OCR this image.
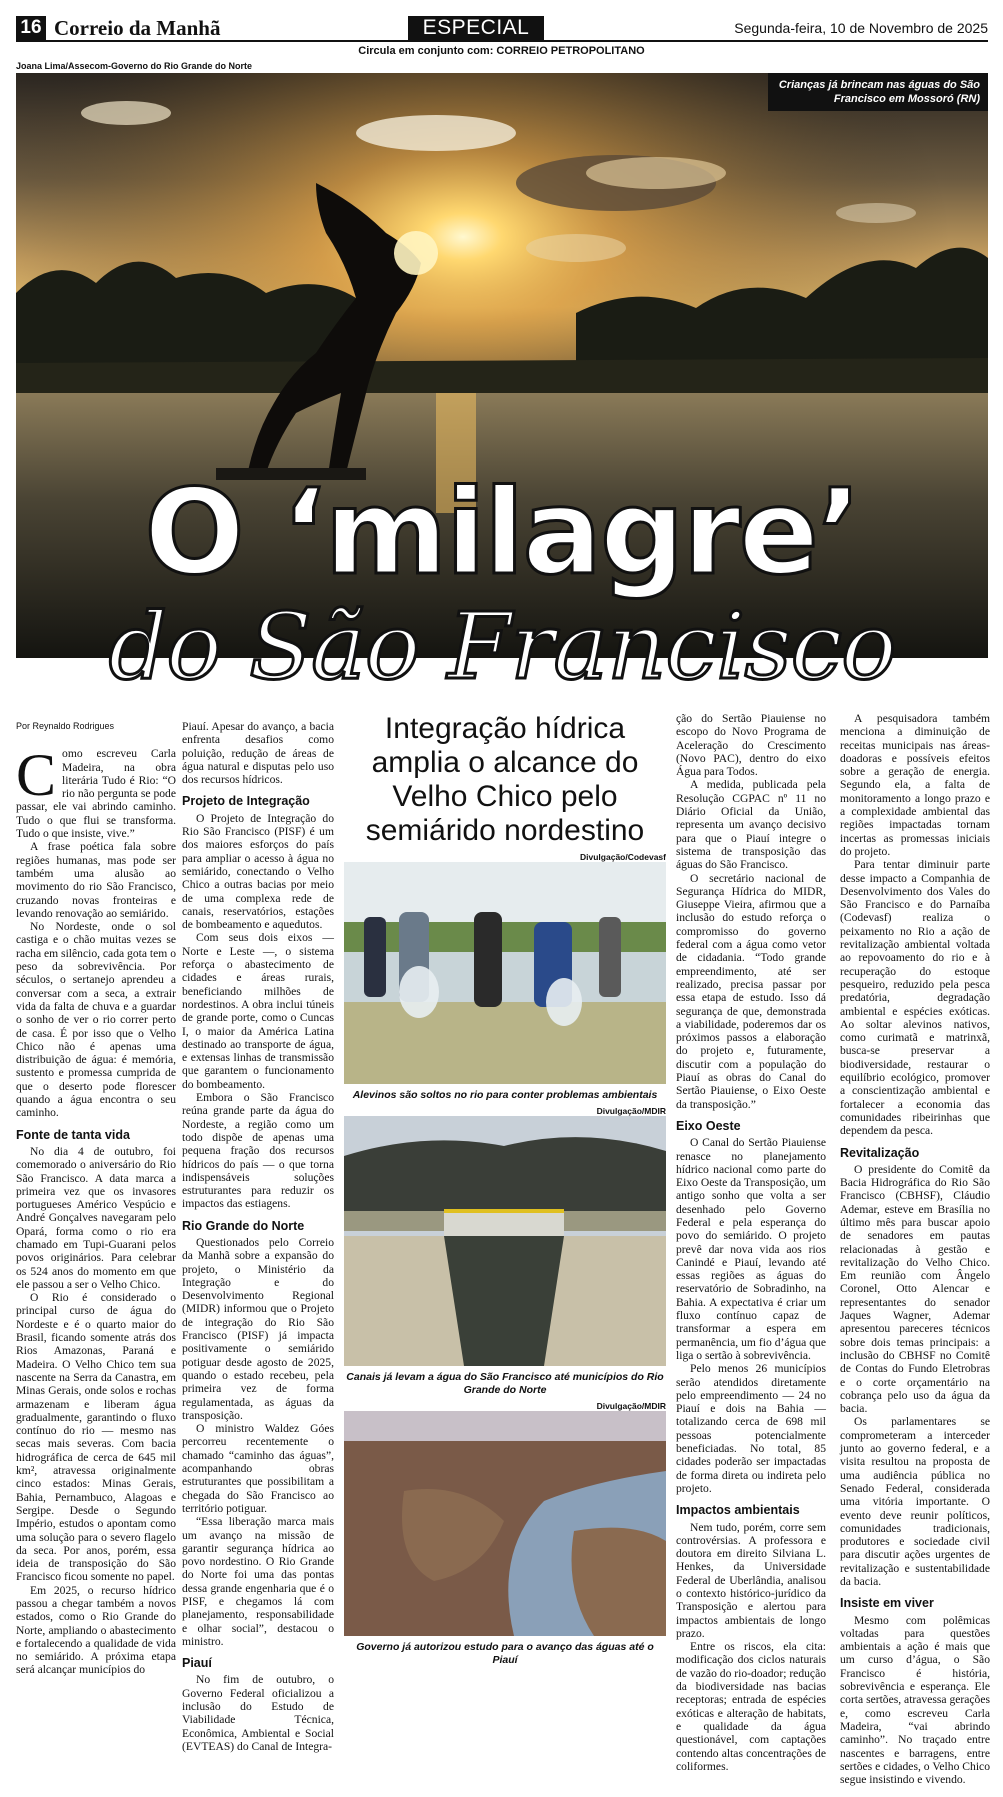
16 Correio da Manhã	ESPECIAL	Segunda-feira, 10 de Novembro de 2025
Circula em conjunto com: CORREIO PETROPOLITANO
Joana Lima/Assecom-Governo do Rio Grande do Norte
Crianças já brincam nas águas do São Francisco em Mossoró (RN)
O ‘milagre’
do São Francisco
Por Reynaldo Rodrigues

Como escreveu Carla Madeira, na obra literária Tudo é Rio: “O rio não pergunta se pode passar, ele vai abrindo caminho. Tudo o que flui se transforma. Tudo o que insiste, vive.”

A frase poética fala sobre regiões humanas, mas pode ser também uma alusão ao movimento do rio São Francisco, cruzando novas fronteiras e levando renovação ao semiárido.

No Nordeste, onde o sol castiga e o chão muitas vezes se racha em silêncio, cada gota tem o peso da sobrevivência. Por séculos, o sertanejo aprendeu a conversar com a seca, a extrair vida da falta de chuva e a guardar o sonho de ver o rio correr perto de casa. É por isso que o Velho Chico não é apenas uma distribuição de água: é memória, sustento e promessa cumprida de que o deserto pode florescer quando a água encontra o seu caminho.

Fonte de tanta vida

No dia 4 de outubro, foi comemorado o aniversário do Rio São Francisco. A data marca a primeira vez que os invasores portugueses Américo Vespúcio e André Gonçalves navegaram pelo Opará, forma como o rio era chamado em Tupi-Guarani pelos povos originários. Para celebrar os 524 anos do momento em que ele passou a ser o Velho Chico.

O Rio é considerado o principal curso de água do Nordeste e é o quarto maior do Brasil, ficando somente atrás dos Rios Amazonas, Paraná e Madeira. O Velho Chico tem sua nascente na Serra da Canastra, em Minas Gerais, onde solos e rochas armazenam e liberam água gradualmente, garantindo o fluxo contínuo do rio — mesmo nas secas mais severas. Com bacia hidrográfica de cerca de 645 mil km², atravessa originalmente cinco estados: Minas Gerais, Bahia, Pernambuco, Alagoas e Sergipe. Desde o Segundo Império, estudos o apontam como uma solução para o severo flagelo da seca. Por anos, porém, essa ideia de transposição do São Francisco ficou somente no papel.

Em 2025, o recurso hídrico passou a chegar também a novos estados, como o Rio Grande do Norte, ampliando o abastecimento e fortalecendo a qualidade de vida no semiárido. A próxima etapa será alcançar municípios do

Piauí. Apesar do avanço, a bacia enfrenta desafios como poluição, redução de áreas de água natural e disputas pelo uso dos recursos hídricos.

Projeto de Integração

O Projeto de Integração do Rio São Francisco (PISF) é um dos maiores esforços do país para ampliar o acesso à água no semiárido, conectando o Velho Chico a outras bacias por meio de uma complexa rede de canais, reservatórios, estações de bombeamento e aquedutos.

Com seus dois eixos — Norte e Leste —, o sistema reforça o abastecimento de cidades e áreas rurais, beneficiando milhões de nordestinos. A obra inclui túneis de grande porte, como o Cuncas I, o maior da América Latina destinado ao transporte de água, e extensas linhas de transmissão que garantem o funcionamento do bombeamento.

Embora o São Francisco reúna grande parte da água do Nordeste, a região como um todo dispõe de apenas uma pequena fração dos recursos hídricos do país — o que torna indispensáveis soluções estruturantes para reduzir os impactos das estiagens.

Rio Grande do Norte

Questionados pelo Correio da Manhã sobre a expansão do projeto, o Ministério da Integração e do Desenvolvimento Regional (MIDR) informou que o Projeto de integração do Rio São Francisco (PISF) já impacta positivamente o semiárido potiguar desde agosto de 2025, quando o estado recebeu, pela primeira vez de forma regulamentada, as águas da transposição.

O ministro Waldez Góes percorreu recentemente o chamado “caminho das águas”, acompanhando obras estruturantes que possibilitam a chegada do São Francisco ao território potiguar.

“Essa liberação marca mais um avanço na missão de garantir segurança hídrica ao povo nordestino. O Rio Grande do Norte foi uma das pontas dessa grande engenharia que é o PISF, e chegamos lá com planejamento, responsabilidade e olhar social”, destacou o ministro.

Piauí

No fim de outubro, o Governo Federal oficializou a inclusão do Estudo de Viabilidade Técnica, Econômica, Ambiental e Social (EVTEAS) do Canal de Integra-

Integração hídrica amplia o alcance do Velho Chico pelo semiárido nordestino
Divulgação/Codevasf
Alevinos são soltos no rio para conter problemas ambientais
Divulgação/MDIR
Canais já levam a água do São Francisco até municípios do Rio Grande do Norte
Divulgação/MDIR
Governo já autorizou estudo para o avanço das águas até o Piauí

ção do Sertão Piauiense no escopo do Novo Programa de Aceleração do Crescimento (Novo PAC), dentro do eixo Água para Todos.

A medida, publicada pela Resolução CGPAC nº 11 no Diário Oficial da União, representa um avanço decisivo para que o Piauí integre o sistema de transposição das águas do São Francisco.

O secretário nacional de Segurança Hídrica do MIDR, Giuseppe Vieira, afirmou que a inclusão do estudo reforça o compromisso do governo federal com a água como vetor de cidadania. “Todo grande empreendimento, até ser realizado, precisa passar por essa etapa de estudo. Isso dá segurança de que, demonstrada a viabilidade, poderemos dar os próximos passos a elaboração do projeto e, futuramente, discutir com a população do Piauí as obras do Canal do Sertão Piauiense, o Eixo Oeste da transposição.”

Eixo Oeste

O Canal do Sertão Piauiense renasce no planejamento hídrico nacional como parte do Eixo Oeste da Transposição, um antigo sonho que volta a ser desenhado pelo Governo Federal e pela esperança do povo do semiárido. O projeto prevê dar nova vida aos rios Canindé e Piauí, levando até essas regiões as águas do reservatório de Sobradinho, na Bahia. A expectativa é criar um fluxo contínuo capaz de transformar a espera em permanência, um fio d’água que liga o sertão à sobrevivência.

Pelo menos 26 municípios serão atendidos diretamente pelo empreendimento — 24 no Piauí e dois na Bahia — totalizando cerca de 698 mil pessoas potencialmente beneficiadas. No total, 85 cidades poderão ser impactadas de forma direta ou indireta pelo projeto.

Impactos ambientais

Nem tudo, porém, corre sem controvérsias. A professora e doutora em direito Silviana L. Henkes, da Universidade Federal de Uberlândia, analisou o contexto histórico-jurídico da Transposição e alertou para impactos ambientais de longo prazo.

Entre os riscos, ela cita: modificação dos ciclos naturais de vazão do rio-doador; redução da biodiversidade nas bacias receptoras; entrada de espécies exóticas e alteração de habitats, e qualidade da água questionável, com captações contendo altas concentrações de coliformes.

A pesquisadora também menciona a diminuição de receitas municipais nas áreas-doadoras e possíveis efeitos sobre a geração de energia. Segundo ela, a falta de monitoramento a longo prazo e a complexidade ambiental das regiões impactadas tornam incertas as promessas iniciais do projeto.

Para tentar diminuir parte desse impacto a Companhia de Desenvolvimento dos Vales do São Francisco e do Parnaíba (Codevasf) realiza o peixamento no Rio a ação de revitalização ambiental voltada ao repovoamento do rio e à recuperação do estoque pesqueiro, reduzido pela pesca predatória, degradação ambiental e espécies exóticas. Ao soltar alevinos nativos, como curimatã e matrinxã, busca-se preservar a biodiversidade, restaurar o equilíbrio ecológico, promover a conscientização ambiental e fortalecer a economia das comunidades ribeirinhas que dependem da pesca.

Revitalização

O presidente do Comitê da Bacia Hidrográfica do Rio São Francisco (CBHSF), Cláudio Ademar, esteve em Brasília no último mês para buscar apoio de senadores em pautas relacionadas à gestão e revitalização do Velho Chico. Em reunião com Ângelo Coronel, Otto Alencar e representantes do senador Jaques Wagner, Ademar apresentou pareceres técnicos sobre dois temas principais: a inclusão do CBHSF no Comitê de Contas do Fundo Eletrobras e o corte orçamentário na cobrança pelo uso da água da bacia.

Os parlamentares se comprometeram a interceder junto ao governo federal, e a visita resultou na proposta de uma audiência pública no Senado Federal, considerada uma vitória importante. O evento deve reunir políticos, comunidades tradicionais, produtores e sociedade civil para discutir ações urgentes de revitalização e sustentabilidade da bacia.

Insiste em viver

Mesmo com polêmicas voltadas para questões ambientais a ação é mais que um curso d’água, o São Francisco é história, sobrevivência e esperança. Ele corta sertões, atravessa gerações e, como escreveu Carla Madeira, “vai abrindo caminho”. No traçado entre nascentes e barragens, entre sertões e cidades, o Velho Chico segue insistindo e vivendo.
